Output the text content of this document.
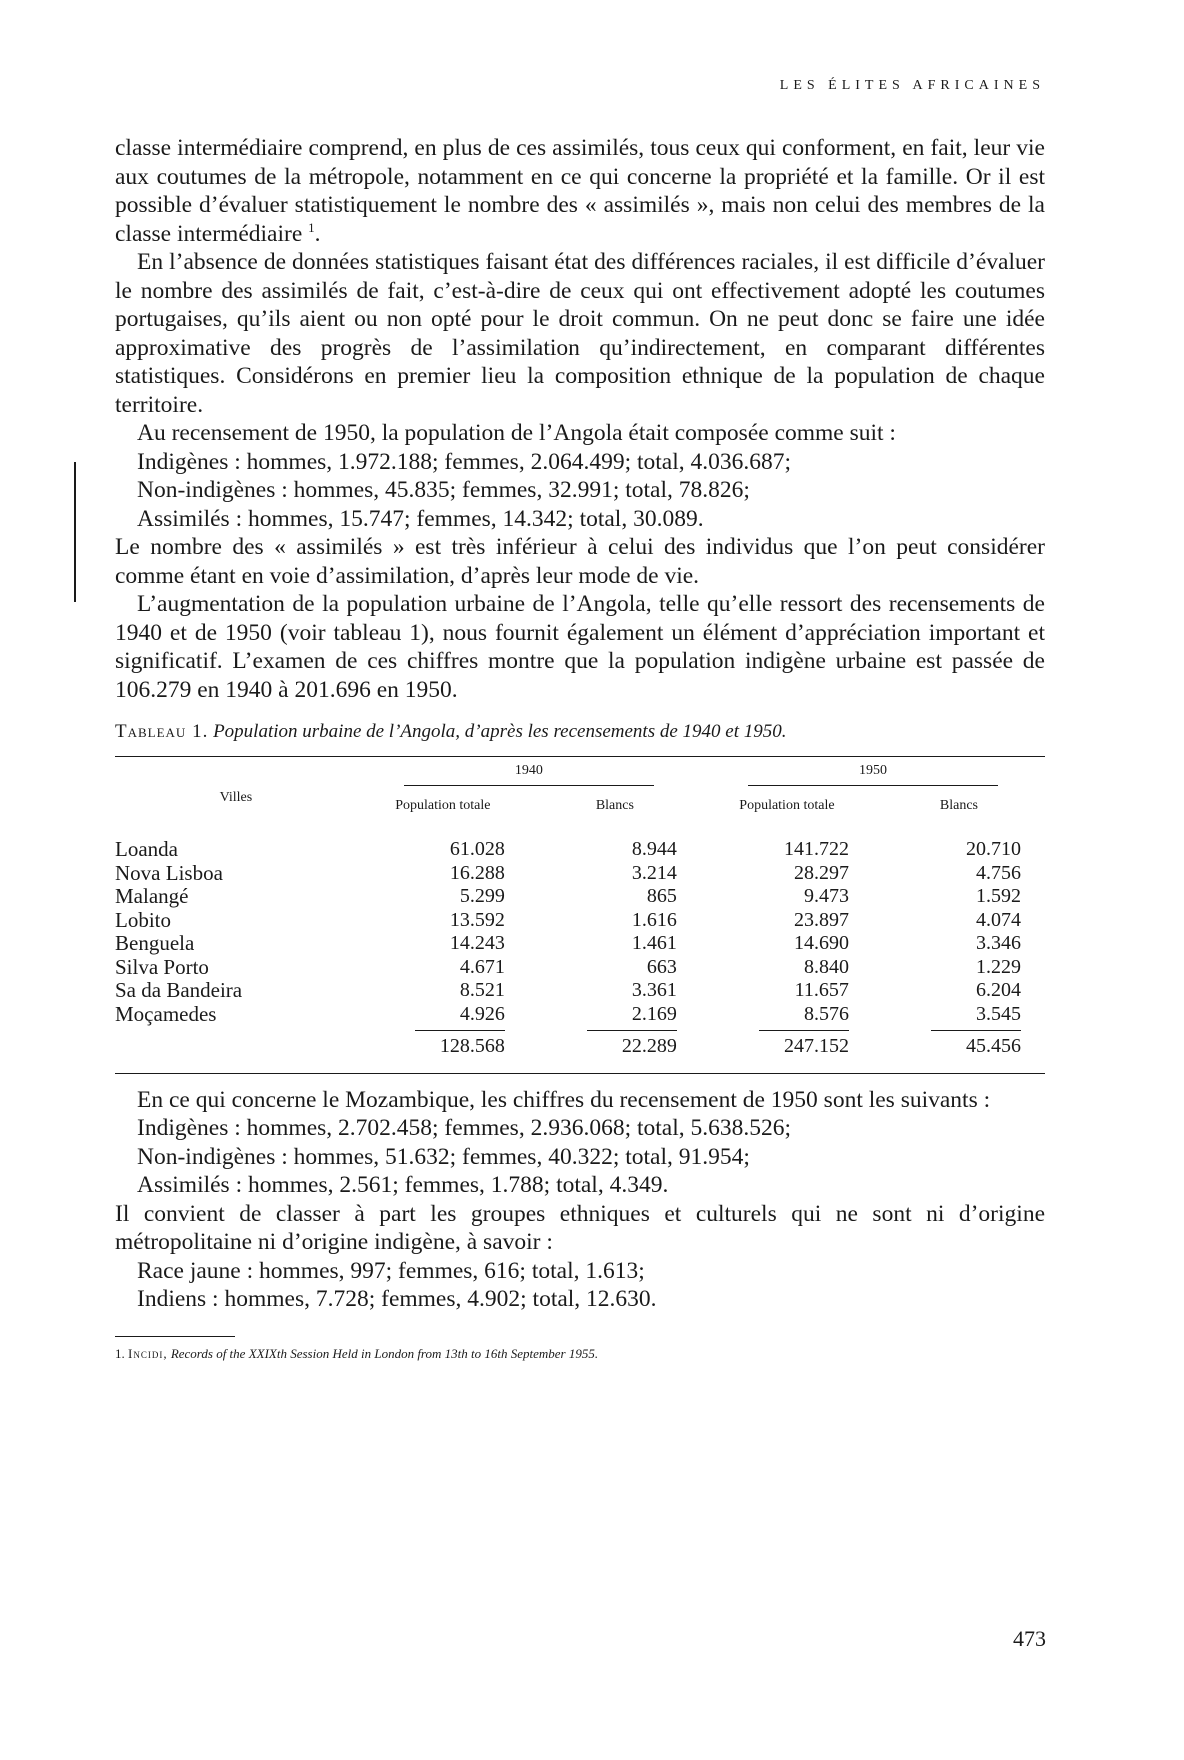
LES ÉLITES AFRICAINES

classe intermédiaire comprend, en plus de ces assimilés, tous ceux qui conforment, en fait, leur vie aux coutumes de la métropole, notamment en ce qui concerne la propriété et la famille. Or il est possible d’évaluer statistiquement le nombre des « assimilés », mais non celui des membres de la classe intermédiaire $^1$.

En l’absence de données statistiques faisant état des différences raciales, il est difficile d’évaluer le nombre des assimilés de fait, c’est-à-dire de ceux qui ont effectivement adopté les coutumes portugaises, qu’ils aient ou non opté pour le droit commun. On ne peut donc se faire une idée approximative des progrès de l’assimilation qu’indirectement, en comparant différentes statistiques. Considérons en premier lieu la composition ethnique de la population de chaque territoire.

Au recensement de 1950, la population de l’Angola était composée comme suit :

Indigènes : hommes, 1.972.188; femmes, 2.064.499; total, 4.036.687;

Non-indigènes : hommes, 45.835; femmes, 32.991; total, 78.826;

Assimilés : hommes, 15.747; femmes, 14.342; total, 30.089.

Le nombre des « assimilés » est très inférieur à celui des individus que l’on peut considérer comme étant en voie d’assimilation, d’après leur mode de vie.

L’augmentation de la population urbaine de l’Angola, telle qu’elle ressort des recensements de 1940 et de 1950 (voir tableau 1), nous fournit également un élément d’appréciation important et significatif. L’examen de ces chiffres montre que la population indigène urbaine est passée de 106.279 en 1940 à 201.696 en 1950.

Tableau 1. Population urbaine de l’Angola, d’après les recensements de 1940 et 1950.
Villes	1940		1950	
	Population totale	Blancs	Population totale	Blancs
Loanda	61.028	8.944	141.722	20.710
Nova Lisboa	16.288	3.214	28.297	4.756
Malangé	5.299	865	9.473	1.592
Lobito	13.592	1.616	23.897	4.074
Benguela	14.243	1.461	14.690	3.346
Silva Porto	4.671	663	8.840	1.229
Sa da Bandeira	8.521	3.361	11.657	6.204
Moçamedes	4.926	2.169	8.576	3.545
	128.568	22.289	247.152	45.456

En ce qui concerne le Mozambique, les chiffres du recensement de 1950 sont les suivants :

Indigènes : hommes, 2.702.458; femmes, 2.936.068; total, 5.638.526;

Non-indigènes : hommes, 51.632; femmes, 40.322; total, 91.954;

Assimilés : hommes, 2.561; femmes, 1.788; total, 4.349.

Il convient de classer à part les groupes ethniques et culturels qui ne sont ni d’origine métropolitaine ni d’origine indigène, à savoir :

Race jaune : hommes, 997; femmes, 616; total, 1.613;

Indiens : hommes, 7.728; femmes, 4.902; total, 12.630.

1. Incidi, Records of the XXIXth Session Held in London from 13th to 16th September 1955.
473
